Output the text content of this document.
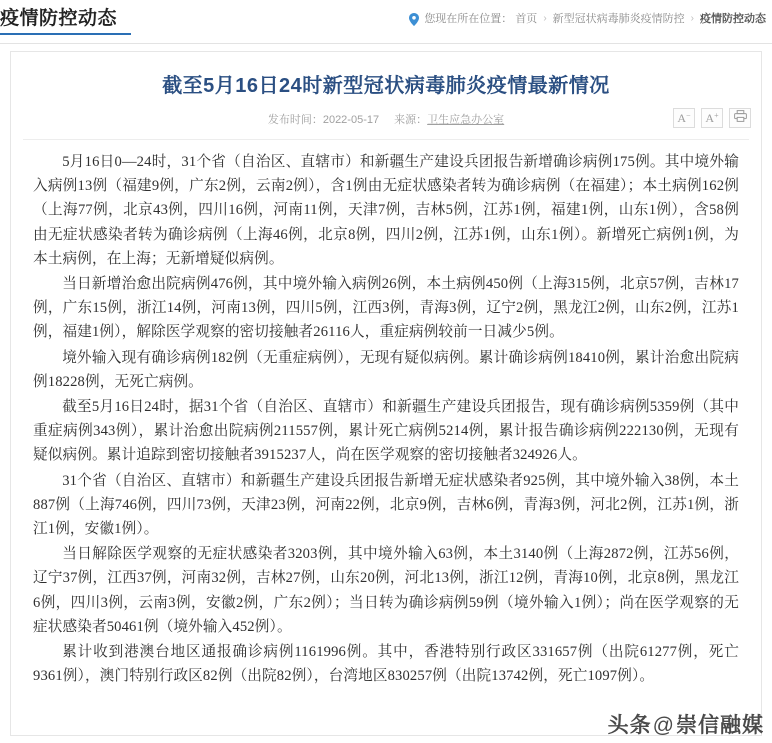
疫情防控动态	您现在所在位置： 首页 › 新型冠状病毒肺炎疫情防控 › 疫情防控动态
截至5月16日24时新型冠状病毒肺炎疫情最新情况
发布时间：2022-05-17 来源：卫生应急办公室	A− A+

5月16日0—24时，31个省（自治区、直辖市）和新疆生产建设兵团报告新增确诊病例175例。其中境外输入病例13例（福建9例，广东2例，云南2例），含1例由无症状感染者转为确诊病例（在福建）；本土病例162例（上海77例，北京43例，四川16例，河南11例，天津7例，吉林5例，江苏1例，福建1例，山东1例），含58例由无症状感染者转为确诊病例（上海46例，北京8例，四川2例，江苏1例，山东1例）。新增死亡病例1例，为本土病例，在上海；无新增疑似病例。

当日新增治愈出院病例476例，其中境外输入病例26例，本土病例450例（上海315例，北京57例，吉林17例，广东15例，浙江14例，河南13例，四川5例，江西3例，青海3例，辽宁2例，黑龙江2例，山东2例，江苏1例，福建1例），解除医学观察的密切接触者26116人，重症病例较前一日减少5例。

境外输入现有确诊病例182例（无重症病例），无现有疑似病例。累计确诊病例18410例，累计治愈出院病例18228例，无死亡病例。

截至5月16日24时，据31个省（自治区、直辖市）和新疆生产建设兵团报告，现有确诊病例5359例（其中重症病例343例），累计治愈出院病例211557例，累计死亡病例5214例，累计报告确诊病例222130例，无现有疑似病例。累计追踪到密切接触者3915237人，尚在医学观察的密切接触者324926人。

31个省（自治区、直辖市）和新疆生产建设兵团报告新增无症状感染者925例，其中境外输入38例，本土887例（上海746例，四川73例，天津23例，河南22例，北京9例，吉林6例，青海3例，河北2例，江苏1例，浙江1例，安徽1例）。

当日解除医学观察的无症状感染者3203例，其中境外输入63例，本土3140例（上海2872例，江苏56例，辽宁37例，江西37例，河南32例，吉林27例，山东20例，河北13例，浙江12例，青海10例，北京8例，黑龙江6例，四川3例，云南3例，安徽2例，广东2例）；当日转为确诊病例59例（境外输入1例）；尚在医学观察的无症状感染者50461例（境外输入452例）。

累计收到港澳台地区通报确诊病例1161996例。其中，香港特别行政区331657例（出院61277例，死亡9361例），澳门特别行政区82例（出院82例），台湾地区830257例（出院13742例，死亡1097例）。

头条@崇信融媒
